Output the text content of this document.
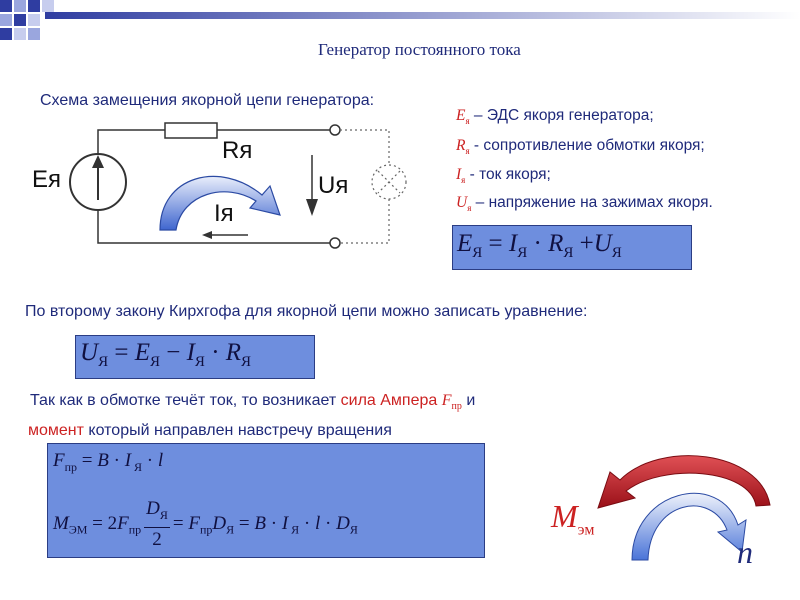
Генератор постоянного тока
Схема замещения якорной цепи генератора:
Eя
Rя
Uя
Iя
$E_я$ – ЭДС якоря генератора;
$R_я$ - сопротивление обмотки якоря;
$I_я$ - ток якоря;
$U_я$ – напряжение на зажимах якоря.
$E_Я = I_Я \cdot R_Я +U_Я$
По второму закону Кирхгофа для якорной цепи можно записать уравнение:
$U_Я = E_Я - I_Я \cdot R_Я$
Так как в обмотке течёт ток, то возникает сила Ампера $F_{пр}$ и
момент который направлен навстречу вращения
$F_{пр} = B \cdot I$ $_Я$ · l
$M_{ЭМ} = 2F_{пр} \frac{D_Я}{2} = F_{пр}D_Я = B \cdot I$ $_Я \cdot l \cdot D_Я$	$M_{эм}$
n
